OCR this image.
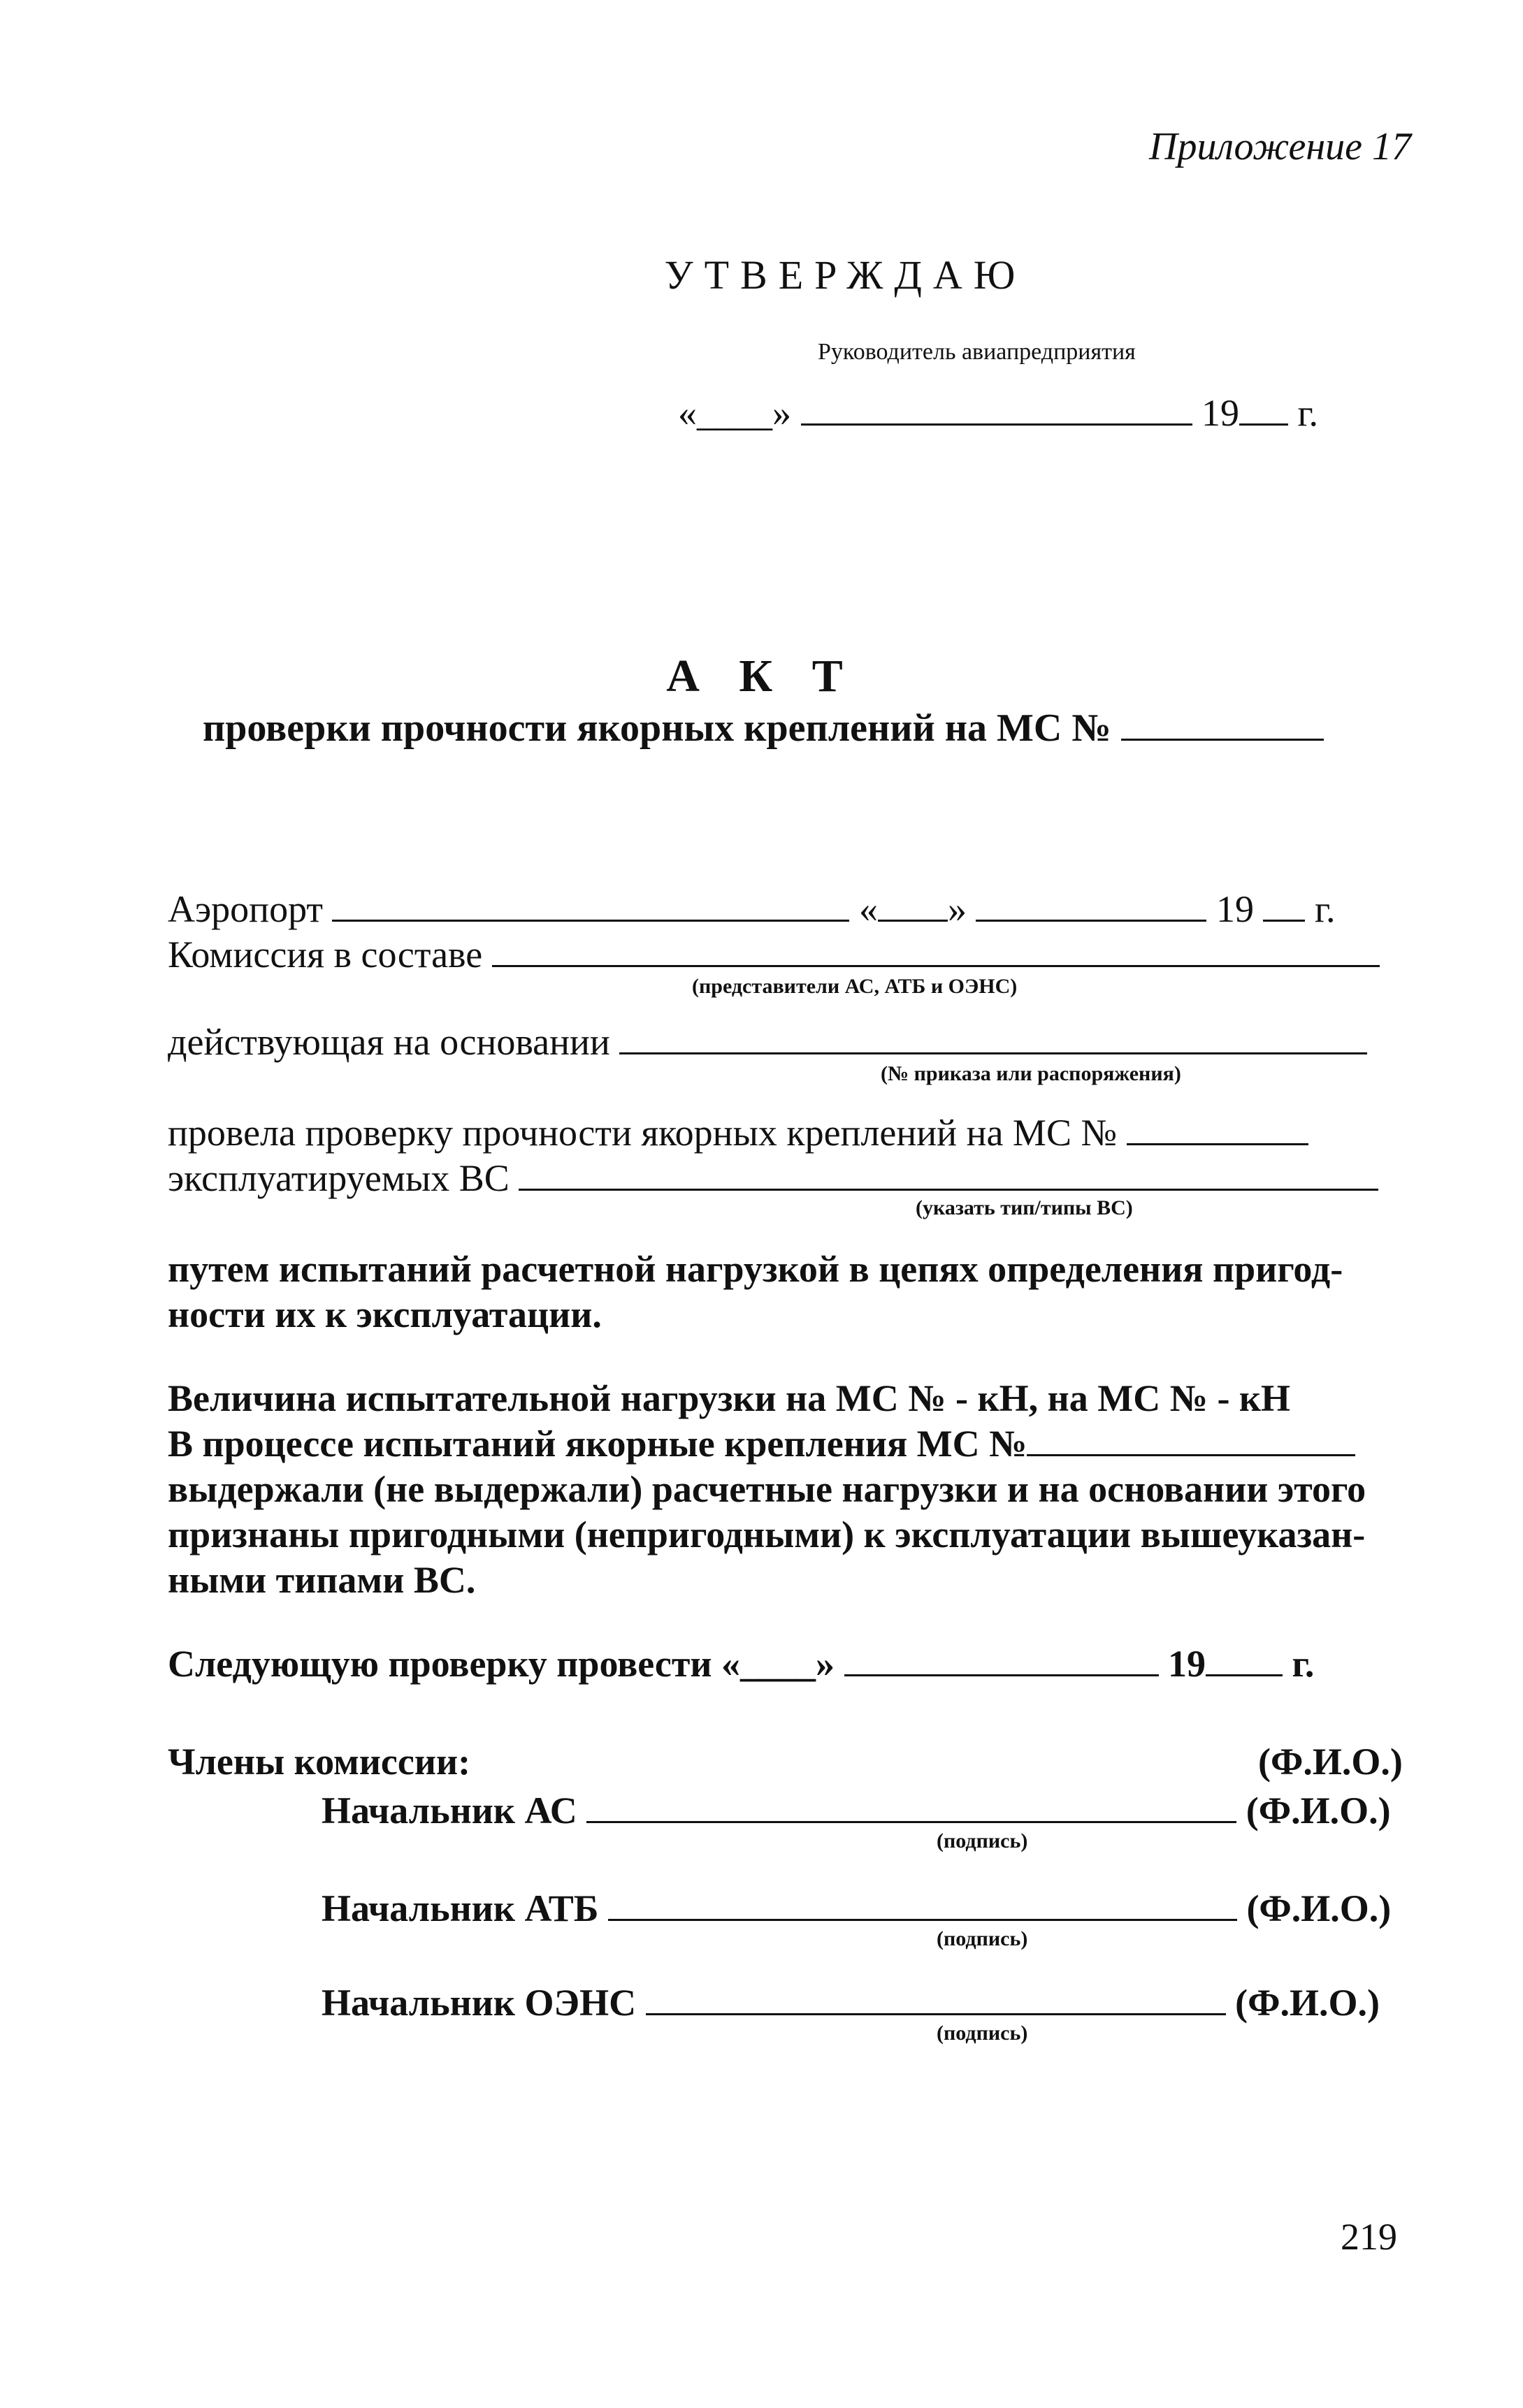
Приложение 17
УТВЕРЖДАЮ
Руководитель авиапредприятия
«____»	19 г.
А К Т
проверки прочности якорных креплений на МС №
Аэропорт	« »	19 г.
Комиссия в составе
(представители АС, АТБ и ОЭНС)
действующая на основании
(№ приказа или распоряжения)
провела проверку прочности якорных креплений на МС №
эксплуатируемых ВС
(указать тип/типы ВС)
путем испытаний расчетной нагрузкой в цепях определения пригод-
ности их к эксплуатации.
Величина испытательной нагрузки на МС № - кН, на МС № - кН
В процессе испытаний якорные крепления МС №
выдержали (не выдержали) расчетные нагрузки и на основании этого
признаны пригодными (непригодными) к эксплуатации вышеуказан-
ными типами ВС.
Следующую проверку провести «____»	19 г.
Члены комиссии:	(Ф.И.О.)
Начальник АС	(Ф.И.О.)
(подпись)
Начальник АТБ	(Ф.И.О.)
(подпись)
Начальник ОЭНС	(Ф.И.О.)
(подпись)
219
